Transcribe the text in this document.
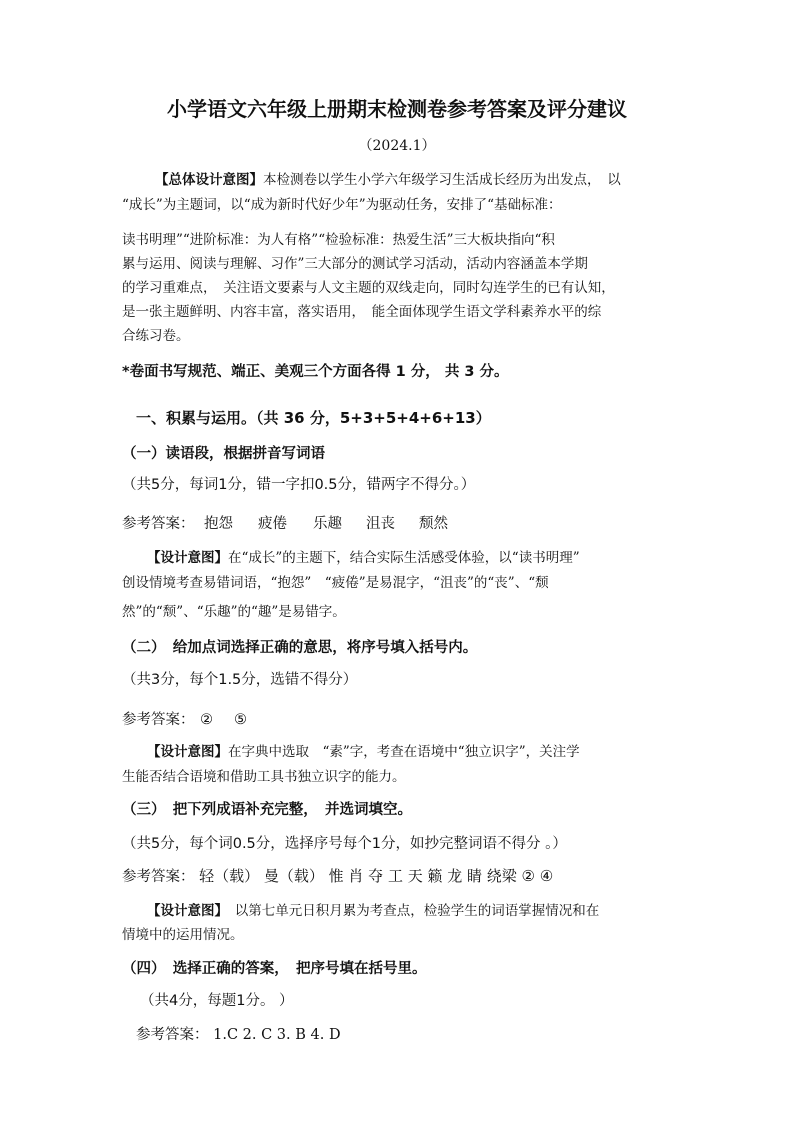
小学语文六年级上册期末检测卷参考答案及评分建议
（2024.1）
【总体设计意图】本检测卷以学生小学六年级学习生活成长经历为出发点，　以
“成长”为主题词，以“成为新时代好少年”为驱动任务，安排了“基础标准：
读书明理”“进阶标准：为人有格”“检验标准：热爱生活”三大板块指向“积
累与运用、阅读与理解、习作”三大部分的测试学习活动，活动内容涵盖本学期
的学习重难点，　关注语文要素与人文主题的双线走向，同时勾连学生的已有认知，
是一张主题鲜明、内容丰富，落实语用，　能全面体现学生语文学科素养水平的综
合练习卷。
*卷面书写规范、端正、美观三个方面各得 1 分， 共 3 分。
一、积累与运用。（共 36 分，5+3+5+4+6+13）
（一）读语段，根据拼音写词语
（共5分，每词1分，错一字扣0.5分，错两字不得分。）
参考答案： 抱怨 疲倦 乐趣 沮丧 颓然
【设计意图】在“成长”的主题下，结合实际生活感受体验，以“读书明理”
创设情境考查易错词语，“抱怨”　“疲倦”是易混字，“沮丧”的“丧”、“颓
然”的“颓”、“乐趣”的“趣”是易错字。
（二）　给加点词选择正确的意思，将序号填入括号内。
（共3分，每个1.5分，选错不得分）
参考答案： ② ⑤
【设计意图】在字典中选取　“素”字，考查在语境中“独立识字”，关注学
生能否结合语境和借助工具书独立识字的能力。
（三）　把下列成语补充完整，　并选词填空。
（共5分，每个词0.5分，选择序号每个1分，如抄完整词语不得分 。）
参考答案： 轻（载） 曼（载） 惟 肖 夺 工 天 籁 龙 睛 绕梁 ② ④
【设计意图】　以第七单元日积月累为考查点，检验学生的词语掌握情况和在
情境中的运用情况。
（四）　选择正确的答案，　把序号填在括号里。
（共4分，每题1分。 ）
参考答案： 1.C 2. C 3. B 4. D
